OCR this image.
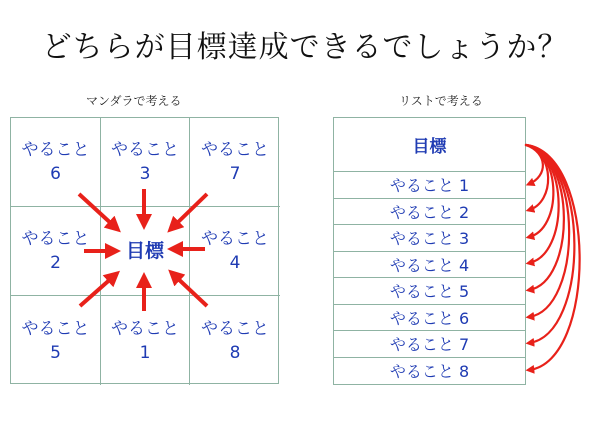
どちらが目標達成できるでしょうか？
マンダラで考える	リストで考える
やること
6
やること
3
やること
7
やること
2
目標
やること
4
やること
5
やること
1
やること
8
目標
やること 1
やること 2
やること 3
やること 4
やること 5
やること 6
やること 7
やること 8
